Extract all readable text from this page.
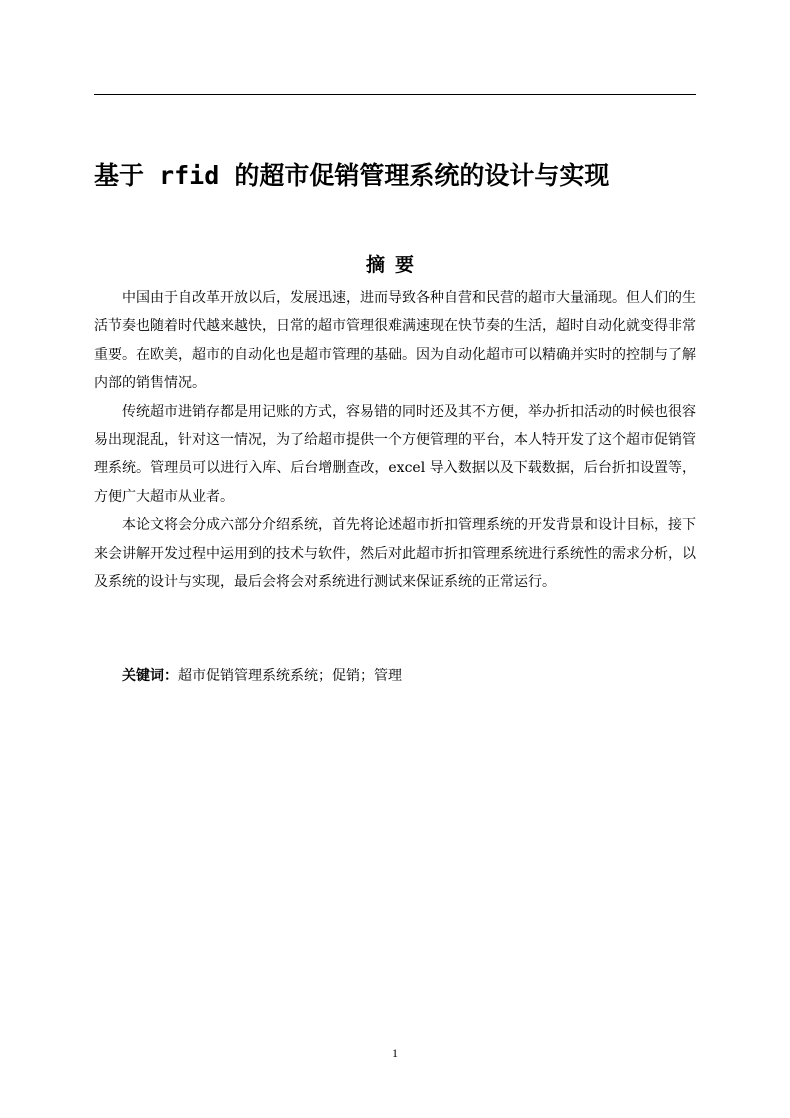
基于 rfid 的超市促销管理系统的设计与实现
摘要

中国由于自改革开放以后，发展迅速，进而导致各种自营和民营的超市大量涌现。但人们的生活节奏也随着时代越来越快，日常的超市管理很难满速现在快节奏的生活，超时自动化就变得非常重要。在欧美，超市的自动化也是超市管理的基础。因为自动化超市可以精确并实时的控制与了解内部的销售情况。

传统超市进销存都是用记账的方式，容易错的同时还及其不方便，举办折扣活动的时候也很容易出现混乱，针对这一情况，为了给超市提供一个方便管理的平台，本人特开发了这个超市促销管理系统。管理员可以进行入库、后台增删查改，excel 导入数据以及下载数据，后台折扣设置等，方便广大超市从业者。

本论文将会分成六部分介绍系统，首先将论述超市折扣管理系统的开发背景和设计目标，接下来会讲解开发过程中运用到的技术与软件，然后对此超市折扣管理系统进行系统性的需求分析，以及系统的设计与实现，最后会将会对系统进行测试来保证系统的正常运行。

关键词：超市促销管理系统系统；促销；管理
1
